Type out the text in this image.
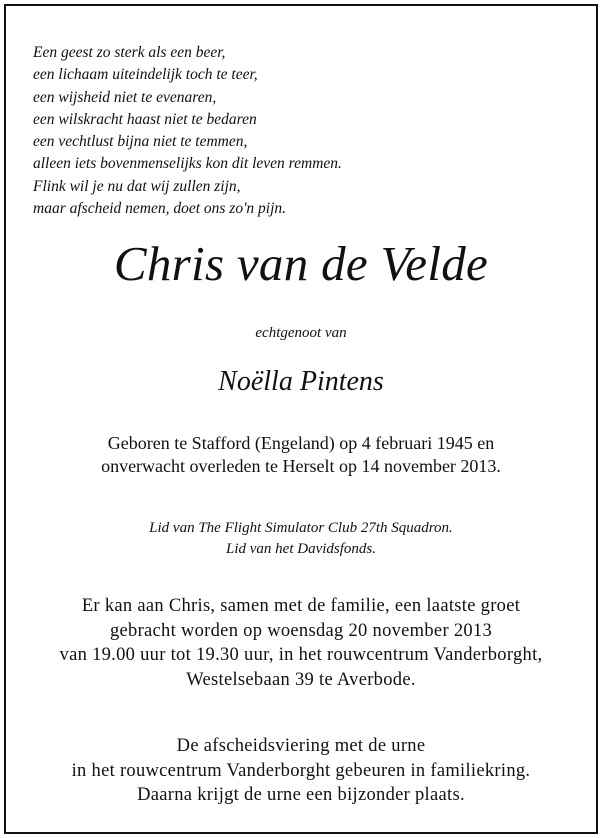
Een geest zo sterk als een beer,
een lichaam uiteindelijk toch te teer,
een wijsheid niet te evenaren,
een wilskracht haast niet te bedaren
een vechtlust bijna niet te temmen,
alleen iets bovenmenselijks kon dit leven remmen.
Flink wil je nu dat wij zullen zijn,
maar afscheid nemen, doet ons zo'n pijn.
Chris van de Velde
echtgenoot van
Noëlla Pintens
Geboren te Stafford (Engeland) op 4 februari 1945 en
onverwacht overleden te Herselt op 14 november 2013.
Lid van The Flight Simulator Club 27th Squadron.
Lid van het Davidsfonds.
Er kan aan Chris, samen met de familie, een laatste groet
gebracht worden op woensdag 20 november 2013
van 19.00 uur tot 19.30 uur, in het rouwcentrum Vanderborght,
Westelsebaan 39 te Averbode.
De afscheidsviering met de urne
in het rouwcentrum Vanderborght gebeuren in familiekring.
Daarna krijgt de urne een bijzonder plaats.
